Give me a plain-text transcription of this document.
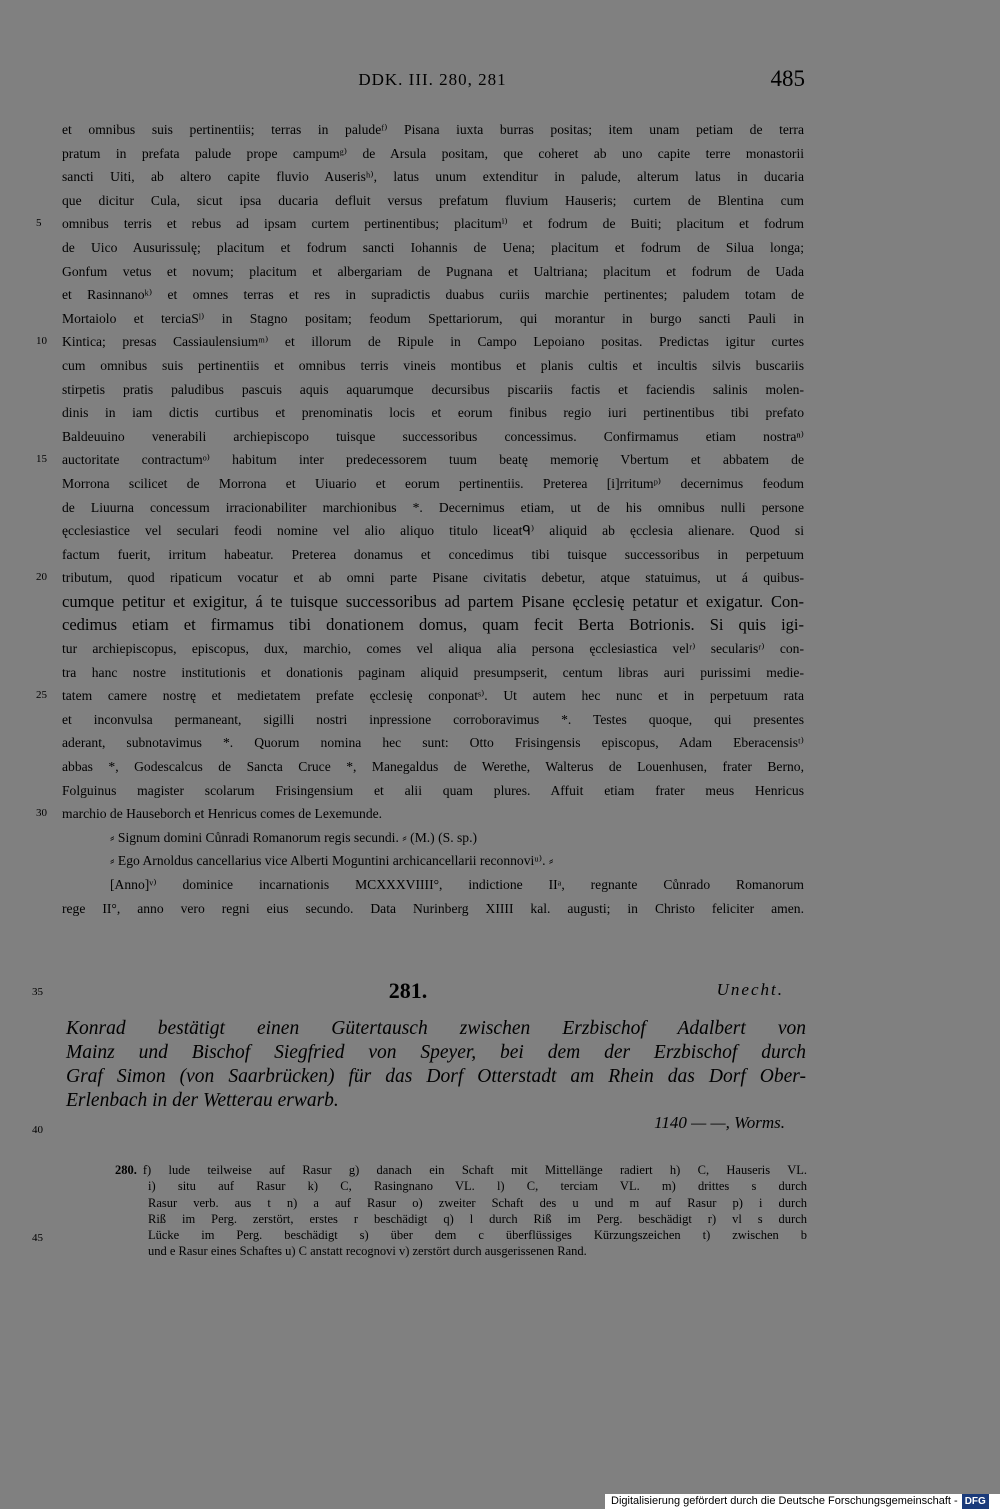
DDK. III. 280, 281	485
et omnibus suis pertinentiis; terras in paludeᶠ⁾ Pisana iuxta burras positas; item unam petiam de terra
pratum in prefata palude prope campumᵍ⁾ de Arsula positam, que coheret ab uno capite terre monastorii
sancti Uiti, ab altero capite fluvio Auserisʰ⁾, latus unum extenditur in palude, alterum latus in ducaria
que dicitur Cula, sicut ipsa ducaria defluit versus prefatum fluvium Hauseris; curtem de Blentina cum
5	omnibus terris et rebus ad ipsam curtem pertinentibus; placitumⁱ⁾ et fodrum de Buiti; placitum et fodrum
de Uico Ausurissulę; placitum et fodrum sancti Iohannis de Uena; placitum et fodrum de Silua longa;
Gonfum vetus et novum; placitum et albergariam de Pugnana et Ualtriana; placitum et fodrum de Uada
et Rasinnanoᵏ⁾ et omnes terras et res in supradictis duabus curiis marchie pertinentes; paludem totam de
Mortaiolo et terciaSˡ⁾ in Stagno positam; feodum Spettariorum, qui morantur in burgo sancti Pauli in
10	Kintica; presas Cassiaulensiumᵐ⁾ et illorum de Ripule in Campo Lepoiano positas. Predictas igitur curtes
cum omnibus suis pertinentiis et omnibus terris vineis montibus et planis cultis et incultis silvis buscariis
stirpetis pratis paludibus pascuis aquis aquarumque decursibus piscariis factis et faciendis salinis molen-
dinis in iam dictis curtibus et prenominatis locis et eorum finibus regio iuri pertinentibus tibi prefato
Baldeuuino venerabili archiepiscopo tuisque successoribus concessimus. Confirmamus etiam nostraⁿ⁾
15	auctoritate contractumᵒ⁾ habitum inter predecessorem tuum beatę memorię Vbertum et abbatem de
Morrona scilicet de Morrona et Uiuario et eorum pertinentiis. Preterea [i]rritumᵖ⁾ decernimus feodum
de Liuurna concessum irracionabiliter marchionibus *. Decernimus etiam, ut de his omnibus nulli persone
ęcclesiastice vel seculari feodi nomine vel alio aliquo titulo liceatᑫ⁾ aliquid ab ęcclesia alienare. Quod si
factum fuerit, irritum habeatur. Preterea donamus et concedimus tibi tuisque successoribus in perpetuum
20	tributum, quod ripaticum vocatur et ab omni parte Pisane civitatis debetur, atque statuimus, ut á quibus-
cumque petitur et exigitur, á te tuisque successoribus ad partem Pisane ęcclesię petatur et exigatur. Con-
cedimus etiam et firmamus tibi donationem domus, quam fecit Berta Botrionis. Si quis igi-
tur archiepiscopus, episcopus, dux, marchio, comes vel aliqua alia persona ęcclesiastica velʳ⁾ secularisʳ⁾ con-
tra hanc nostre institutionis et donationis paginam aliquid presumpserit, centum libras auri purissimi medie-
25	tatem camere nostrę et medietatem prefate ęcclesię conponatˢ⁾. Ut autem hec nunc et in perpetuum rata
et inconvulsa permaneant, sigilli nostri inpressione corroboravimus *. Testes quoque, qui presentes
aderant, subnotavimus *. Quorum nomina hec sunt: Otto Frisingensis episcopus, Adam Eberacensisᵗ⁾
abbas *, Godescalcus de Sancta Cruce *, Manegaldus de Werethe, Walterus de Louenhusen, frater Berno,
Folguinus magister scolarum Frisingensium et alii quam plures. Affuit etiam frater meus Henricus
30	marchio de Hauseborch et Henricus comes de Lexemunde.
⸗ Signum domini Cůnradi Romanorum regis secundi. ⸗ (M.) (S. sp.)
⸗ Ego Arnoldus cancellarius vice Alberti Moguntini archicancellarii reconnoviᵘ⁾. ⸗
[Anno]ᵛ⁾ dominice incarnationis MCXXXVIIII°, indictione IIᵃ, regnante Cůnrado Romanorum
rege II°, anno vero regni eius secundo. Data Nurinberg XIIII kal. augusti; in Christo feliciter amen.
35	281.	Unecht.
Konrad bestätigt einen Gütertausch zwischen Erzbischof Adalbert von
Mainz und Bischof Siegfried von Speyer, bei dem der Erzbischof durch
Graf Simon (von Saarbrücken) für das Dorf Otterstadt am Rhein das Dorf Ober-
Erlenbach in der Wetterau erwarb.
40	1140 — —, Worms.
45
280. f) lude teilweise auf Rasur g) danach ein Schaft mit Mittellänge radiert h) C, Hauseris VL.
i) situ auf Rasur k) C, Rasingnano VL. l) C, terciam VL. m) drittes s durch
Rasur verb. aus t n) a auf Rasur o) zweiter Schaft des u und m auf Rasur p) i durch
Riß im Perg. zerstört, erstes r beschädigt q) l durch Riß im Perg. beschädigt r) vl s durch
Lücke im Perg. beschädigt s) über dem c überflüssiges Kürzungszeichen t) zwischen b
und e Rasur eines Schaftes u) C anstatt recognovi v) zerstört durch ausgerissenen Rand.
Digitalisierung gefördert durch die Deutsche Forschungsgemeinschaft - DFG
